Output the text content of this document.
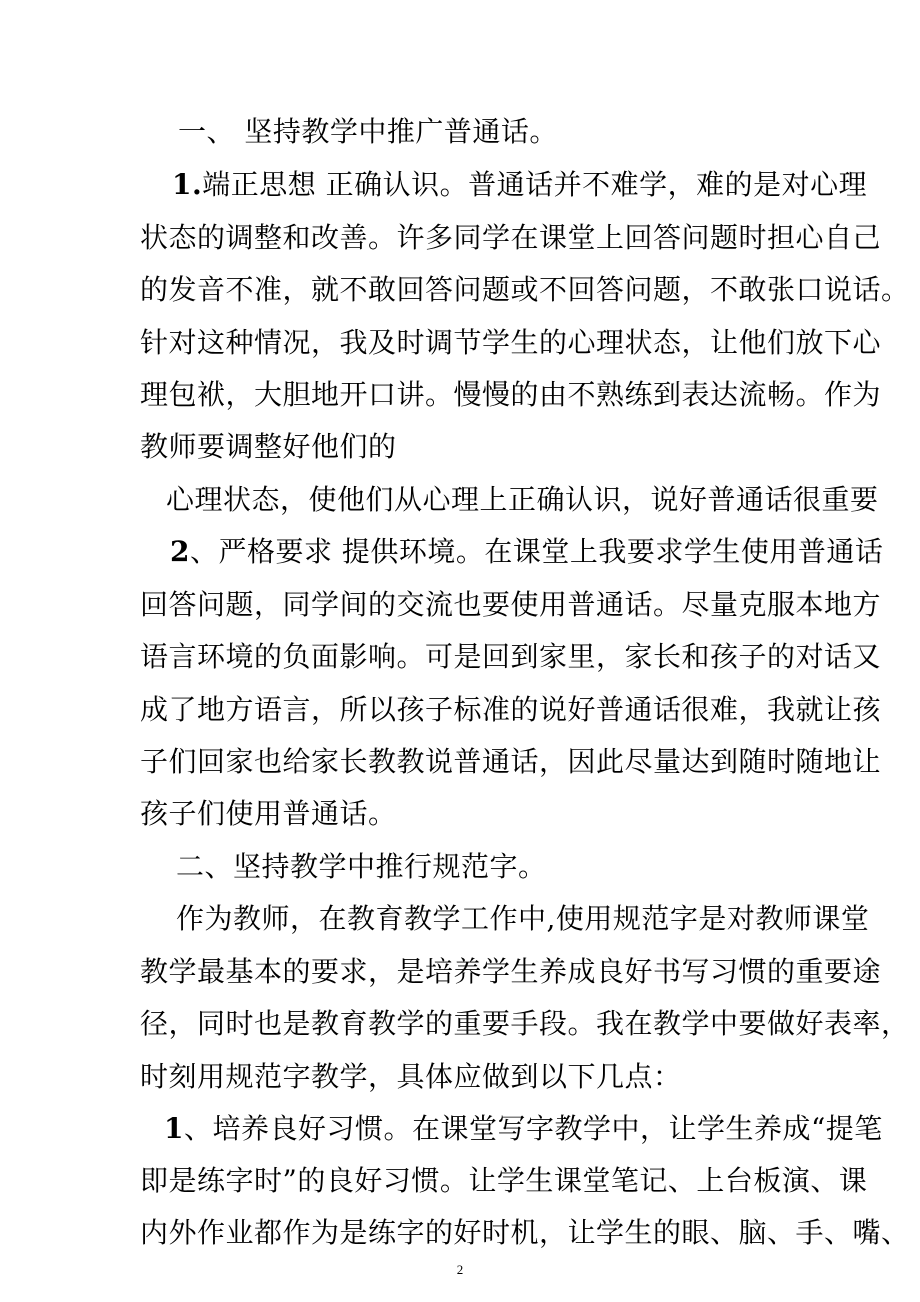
一、 坚持教学中推广普通话。
1.端正思想 正确认识。普通话并不难学，难的是对心理
状态的调整和改善。许多同学在课堂上回答问题时担心自己
的发音不准，就不敢回答问题或不回答问题，不敢张口说话。
针对这种情况，我及时调节学生的心理状态，让他们放下心
理包袱，大胆地开口讲。慢慢的由不熟练到表达流畅。作为
教师要调整好他们的
心理状态，使他们从心理上正确认识，说好普通话很重要
2、严格要求 提供环境。在课堂上我要求学生使用普通话
回答问题，同学间的交流也要使用普通话。尽量克服本地方
语言环境的负面影响。可是回到家里，家长和孩子的对话又
成了地方语言，所以孩子标准的说好普通话很难，我就让孩
子们回家也给家长教教说普通话，因此尽量达到随时随地让
孩子们使用普通话。
二、坚持教学中推行规范字。
作为教师，在教育教学工作中,使用规范字是对教师课堂
教学最基本的要求，是培养学生养成良好书写习惯的重要途
径，同时也是教育教学的重要手段。我在教学中要做好表率，
时刻用规范字教学，具体应做到以下几点：
1、培养良好习惯。在课堂写字教学中，让学生养成“提笔
即是练字时”的良好习惯。让学生课堂笔记、上台板演、课
内外作业都作为是练字的好时机，让学生的眼、脑、手、嘴、
2
